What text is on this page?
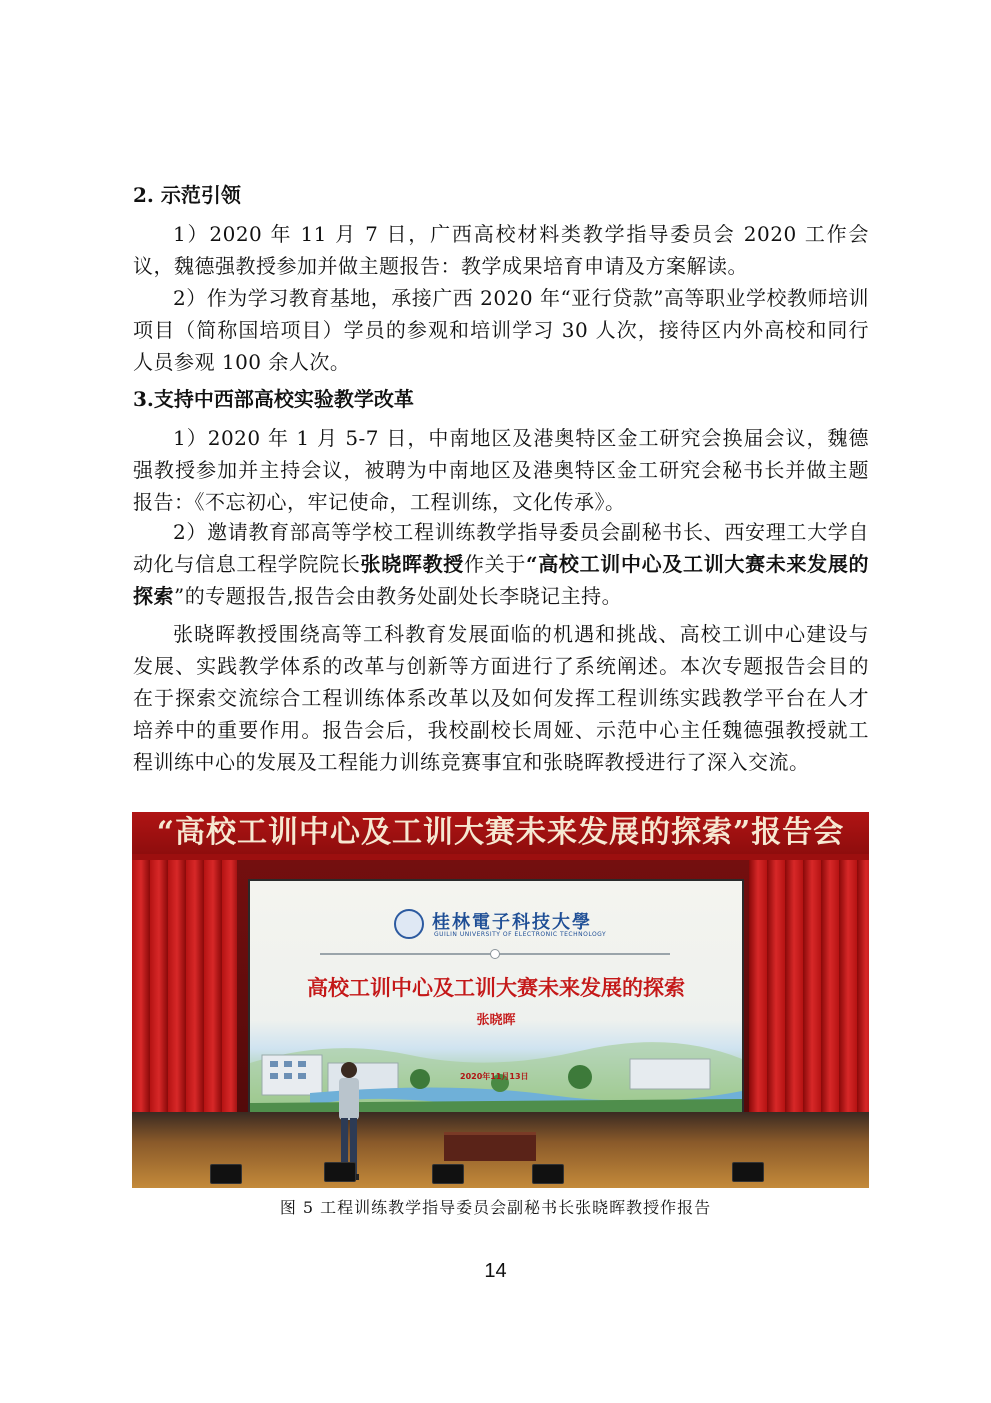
2. 示范引领

1）2020 年 11 月 7 日，广西高校材料类教学指导委员会 2020 工作会议，魏德强教授参加并做主题报告：教学成果培育申请及方案解读。

2）作为学习教育基地，承接广西 2020 年“亚行贷款”高等职业学校教师培训项目（简称国培项目）学员的参观和培训学习 30 人次，接待区内外高校和同行人员参观 100 余人次。

3.支持中西部高校实验教学改革

1）2020 年 1 月 5-7 日，中南地区及港奥特区金工研究会换届会议，魏德强教授参加并主持会议，被聘为中南地区及港奥特区金工研究会秘书长并做主题报告：《不忘初心，牢记使命，工程训练，文化传承》。

2）邀请教育部高等学校工程训练教学指导委员会副秘书长、西安理工大学自动化与信息工程学院院长张晓晖教授作关于“高校工训中心及工训大赛未来发展的探索”的专题报告,报告会由教务处副处长李晓记主持。

张晓晖教授围绕高等工科教育发展面临的机遇和挑战、高校工训中心建设与发展、实践教学体系的改革与创新等方面进行了系统阐述。本次专题报告会目的在于探索交流综合工程训练体系改革以及如何发挥工程训练实践教学平台在人才培养中的重要作用。报告会后，我校副校长周娅、示范中心主任魏德强教授就工程训练中心的发展及工程能力训练竞赛事宜和张晓晖教授进行了深入交流。

“高校工训中心及工训大赛未来发展的探索”报告会
桂林電子科技大學
GUILIN UNIVERSITY OF ELECTRONIC TECHNOLOGY
高校工训中心及工训大赛未来发展的探索
张晓晖
2020年11月13日
图 5 工程训练教学指导委员会副秘书长张晓晖教授作报告
14
